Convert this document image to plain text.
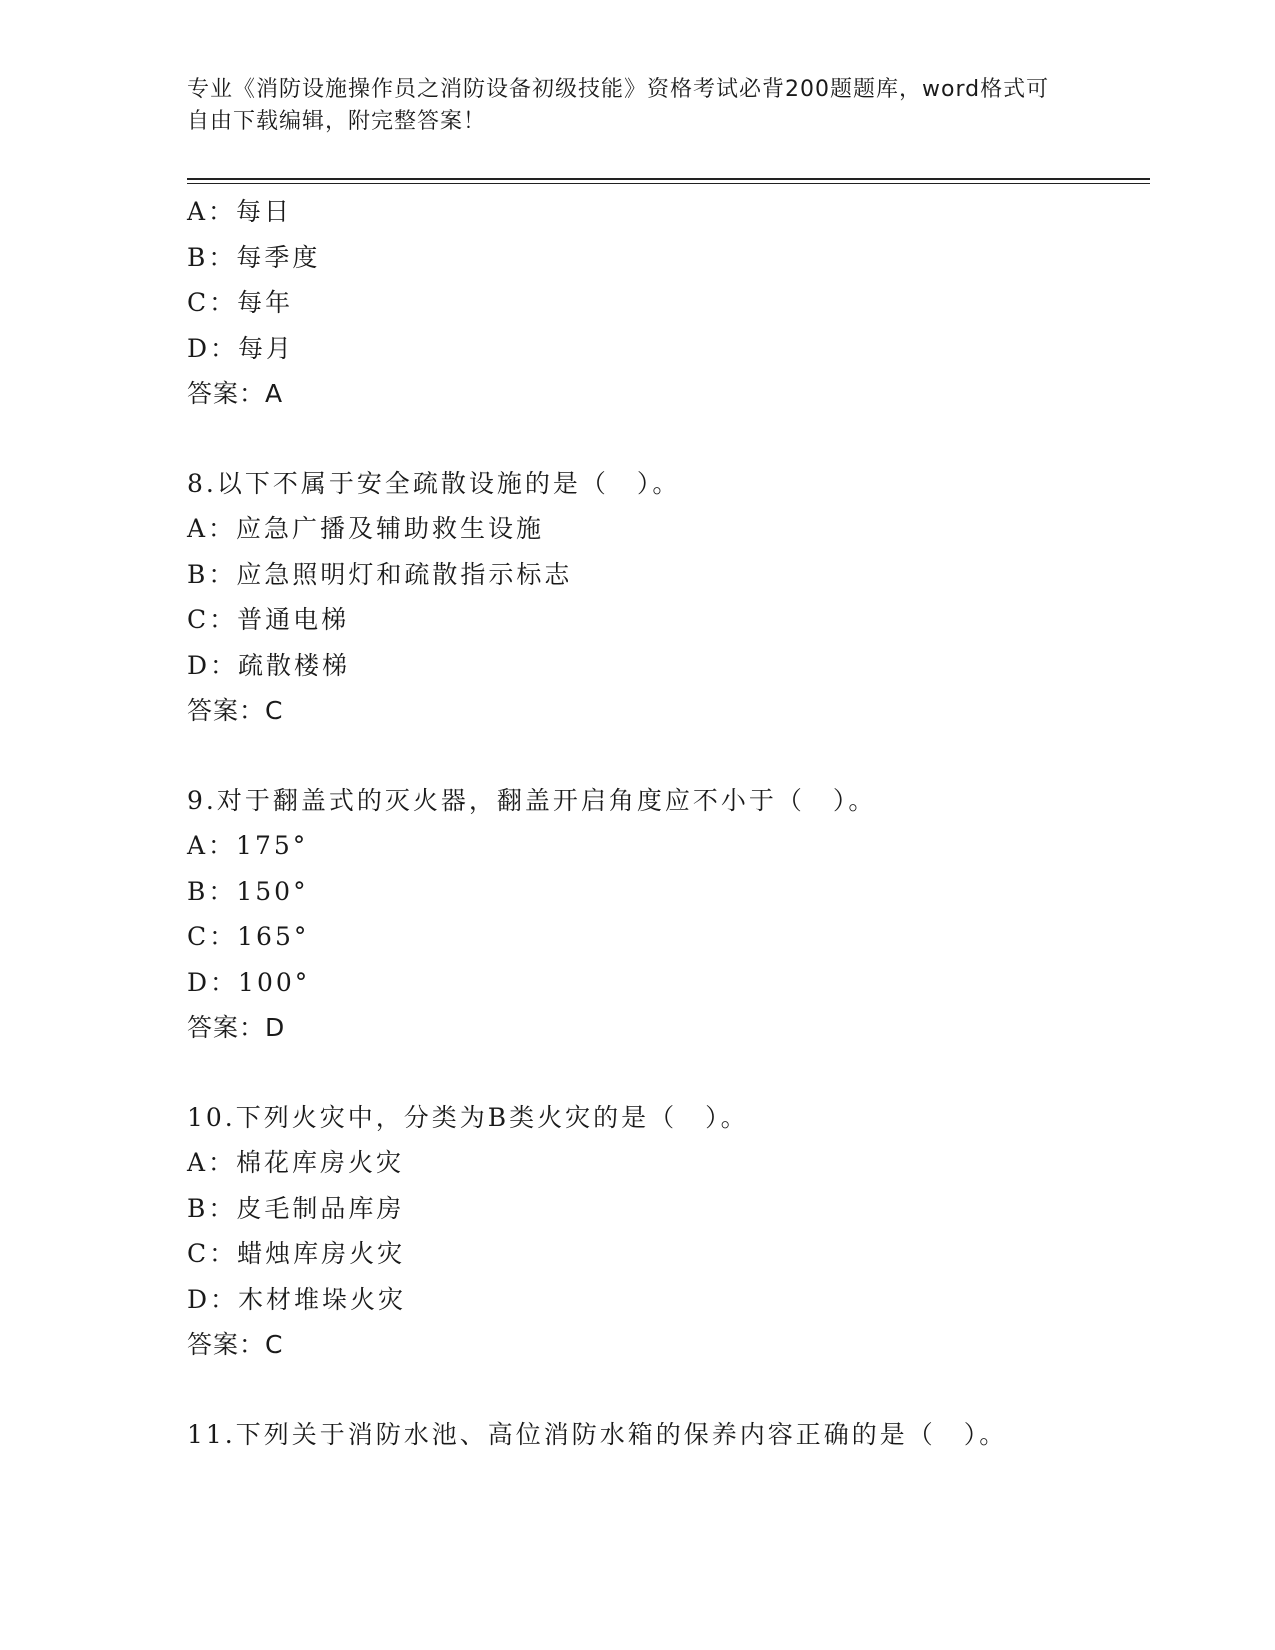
专业《消防设施操作员之消防设备初级技能》资格考试必背200题题库，word格式可自由下载编辑，附完整答案！
A：每日
B：每季度
C：每年
D：每月
答案：A
8.以下不属于安全疏散设施的是（　）。
A：应急广播及辅助救生设施
B：应急照明灯和疏散指示标志
C：普通电梯
D：疏散楼梯
答案：C
9.对于翻盖式的灭火器，翻盖开启角度应不小于（　）。
A：175°
B：150°
C：165°
D：100°
答案：D
10.下列火灾中，分类为B类火灾的是（　）。
A：棉花库房火灾
B：皮毛制品库房
C：蜡烛库房火灾
D：木材堆垛火灾
答案：C
11.下列关于消防水池、高位消防水箱的保养内容正确的是（　）。
